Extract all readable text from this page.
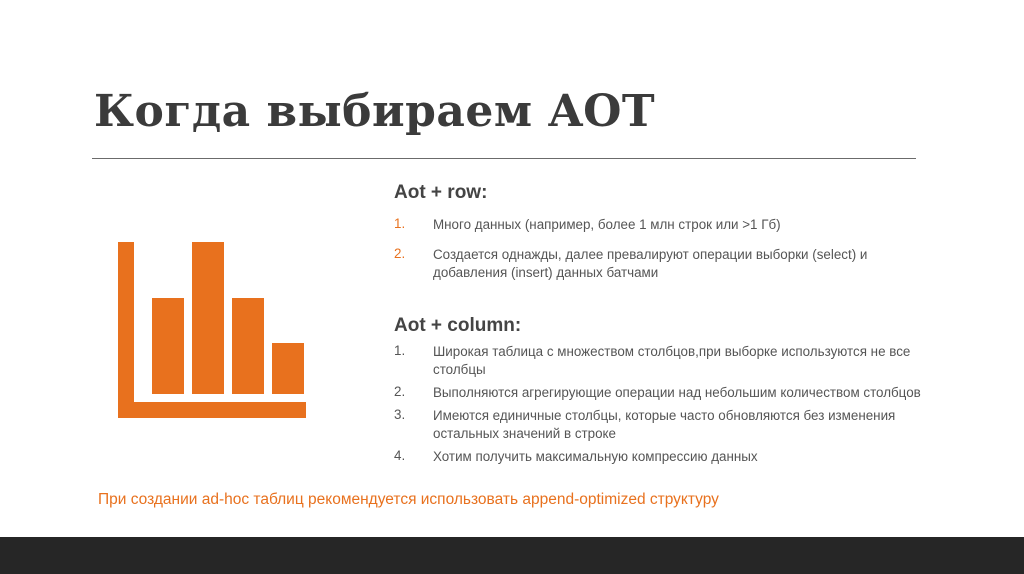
Когда выбираем AOT
Aot + row:
1.	Много данных (например, более 1 млн строк или >1 Гб)
2.	Создается однажды, далее превалируют операции выборки (select) и добавления (insert) данных батчами
Aot + column:
1.	Широкая таблица с множеством столбцов,при выборке используются не все столбцы
2.	Выполняются агрегирующие операции над небольшим количеством столбцов
3.	Имеются единичные столбцы, которые часто обновляются без изменения остальных значений в строке
4.	Хотим получить максимальную компрессию данных

При создании ad-hoc таблиц рекомендуется использовать append-optimized структуру
